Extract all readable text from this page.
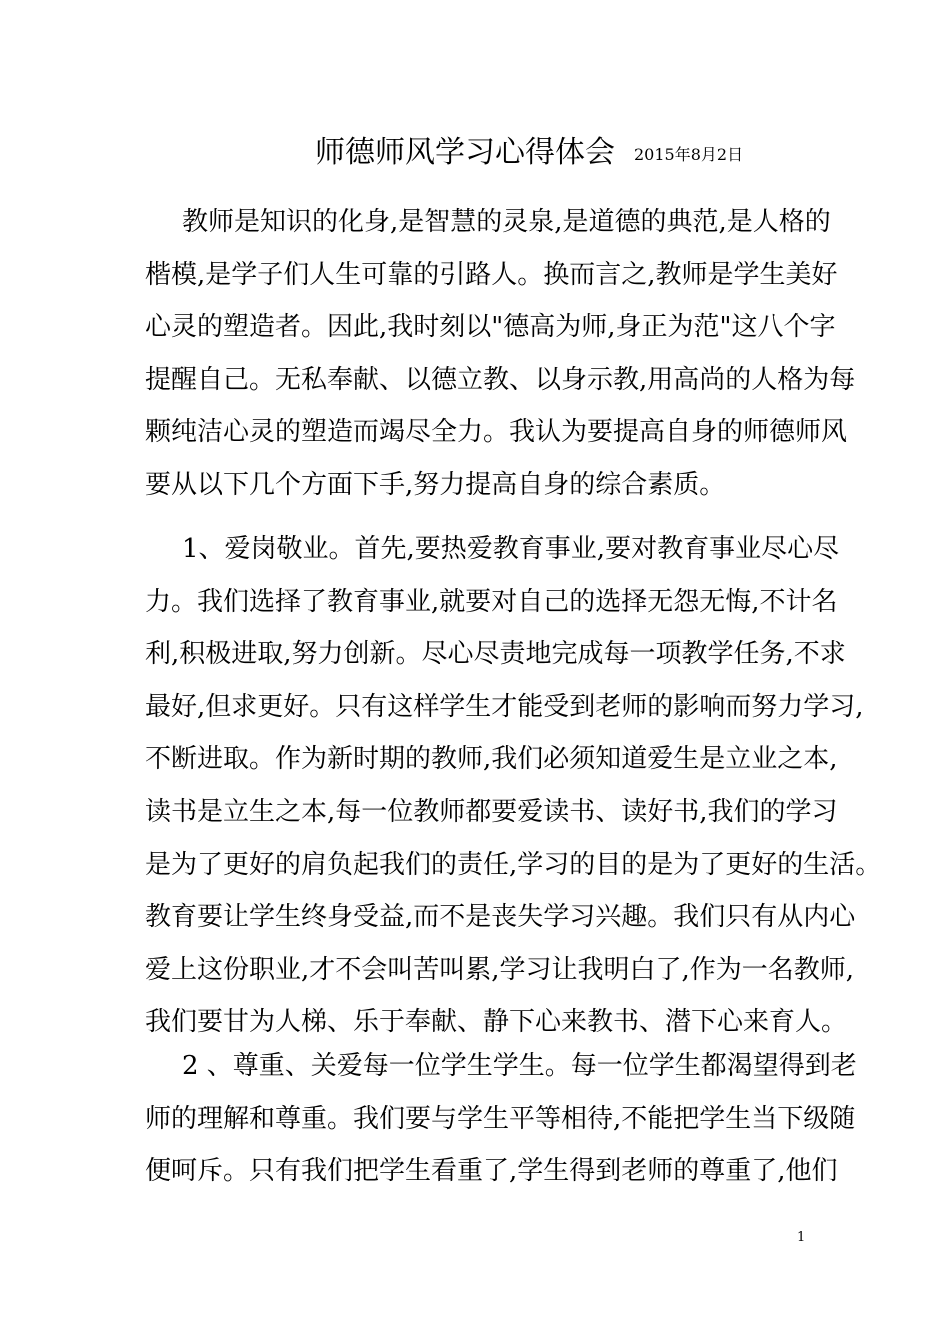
师德师风学习心得体会 2015年8月2日
教师是知识的化身,是智慧的灵泉,是道德的典范,是人格的
楷模,是学子们人生可靠的引路人。换而言之,教师是学生美好
心灵的塑造者。因此,我时刻以"德高为师,身正为范"这八个字
提醒自己。无私奉献、以德立教、以身示教,用高尚的人格为每
颗纯洁心灵的塑造而竭尽全力。我认为要提高自身的师德师风
要从以下几个方面下手,努力提高自身的综合素质。
1、爱岗敬业。首先,要热爱教育事业,要对教育事业尽心尽
力。我们选择了教育事业,就要对自己的选择无怨无悔,不计名
利,积极进取,努力创新。尽心尽责地完成每一项教学任务,不求
最好,但求更好。只有这样学生才能受到老师的影响而努力学习,
不断进取。作为新时期的教师,我们必须知道爱生是立业之本,
读书是立生之本,每一位教师都要爱读书、读好书,我们的学习
是为了更好的肩负起我们的责任,学习的目的是为了更好的生活。
教育要让学生终身受益,而不是丧失学习兴趣。我们只有从内心
爱上这份职业,才不会叫苦叫累,学习让我明白了,作为一名教师,
我们要甘为人梯、乐于奉献、静下心来教书、潜下心来育人。
2 、尊重、关爱每一位学生学生。每一位学生都渴望得到老
师的理解和尊重。我们要与学生平等相待,不能把学生当下级随
便呵斥。只有我们把学生看重了,学生得到老师的尊重了,他们
1
